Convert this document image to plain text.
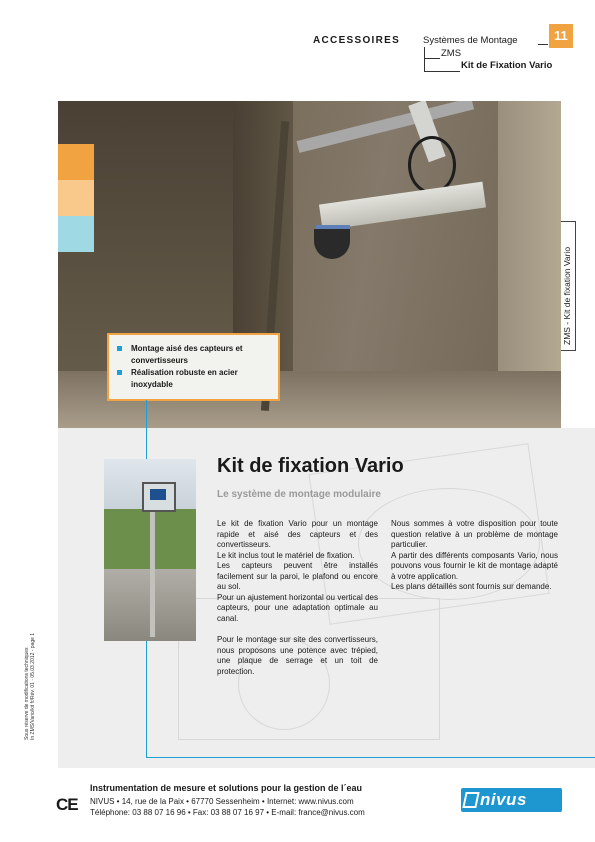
ACCESSOIRES Systèmes de Montage
ZMS
Kit de Fixation Vario
11
ZMS - Kit de fixation Vario
Montage aisé des capteurs et convertisseurs
Réalisation robuste en acier inoxydable
Kit de fixation Vario
Le système de montage modulaire

Le kit de fixation Vario pour un montage rapide et aisé des capteurs et des convertisseurs.

Le kit inclus tout le matériel de fixation.

Les capteurs peuvent être installés facilement sur la paroi, le plafond ou encore au sol.

Pour un ajustement horizontal ou vertical des capteurs, pour une adaptation optimale au canal.

Pour le montage sur site des convertisseurs, nous proposons une potence avec trépied, une plaque de serrage et un toit de protection.

Nous sommes à votre disposition pour toute question relative à un problème de montage particulier.

A partir des différents composants Vario, nous pouvons vous fournir le kit de montage adapté à votre application.

Les plans détaillés sont fournis sur demande.

Sous réserve de modifications techniques In ZMS/Vario/kit fr/Rév. 01 · 05.03.2012 - page 1
CE
Instrumentation de mesure et solutions pour la gestion de l´eau
NIVUS • 14, rue de la Paix • 67770 Sessenheim • Internet: www.nivus.com
Téléphone: 03 88 07 16 96 • Fax: 03 88 07 16 97 • E-mail: france@nivus.com
nivus
